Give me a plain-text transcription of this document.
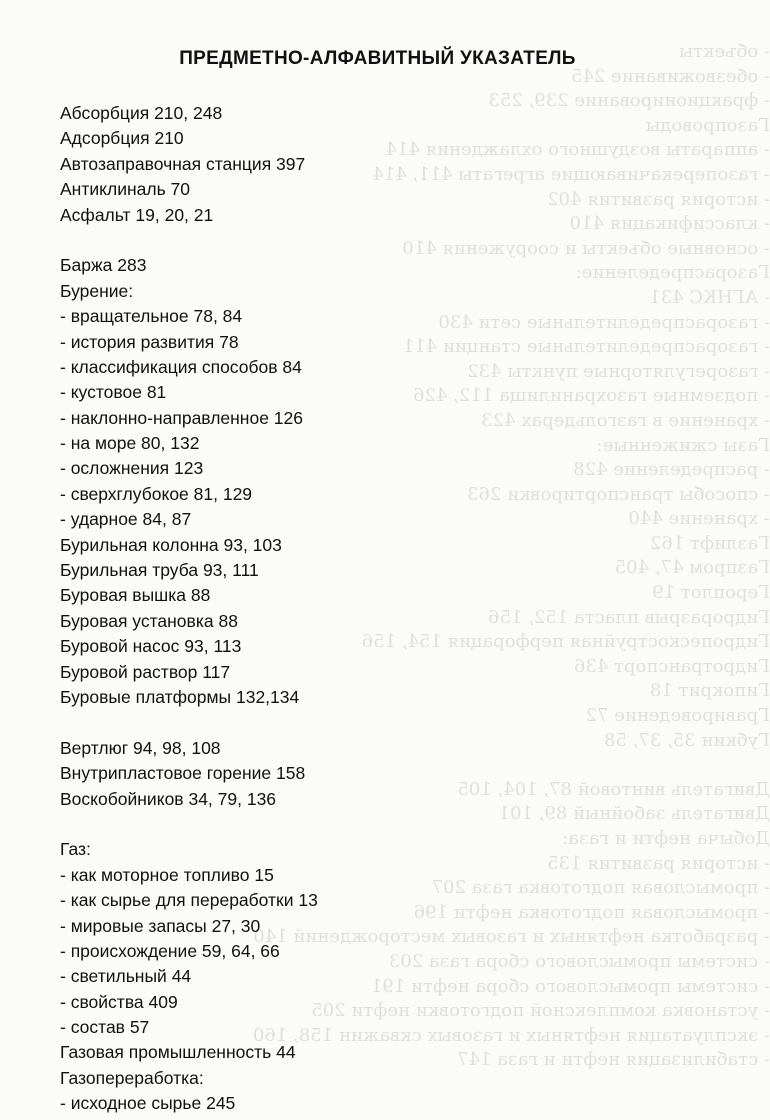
- объекты
- обезвоживание 245
- фракционирование 239, 253
Газопроводы
- аппараты воздушного охлаждения 414
- газоперекачивающие агрегаты 411, 414
- история развития 402
- классификация 410
- основные объекты и сооружения 410
Газораспределение:
- АГНКС 431
- газораспределительные сети 430
- газораспределительные станции 411
- газорегуляторные пункты 432
- подземные газохранилища 112, 426
- хранение в газгольдерах 423
Газы сжиженные:
- распределение 428
- способы транспортировки 263
- хранение 440
Газлифт 162
Газпром 47, 405
Героплот 19
Гидроразрыв пласта 152, 156
Гидропескоструйная перфорация 154, 156
Гидротранспорт 436
Гипокрит 18
Гравироведение 72
Губкин 35, 37, 58

Двигатель винтовой 87, 104, 105
Двигатель забойный 89, 101
Добыча нефти и газа:
- история развития 135
- промысловая подготовка газа 207
- промысловая подготовка нефти 196
- разработка нефтяных и газовых месторождений 140
- системы промыслового сбора газа 203
- системы промыслового сбора нефти 191
- установка комплексной подготовки нефти 205
- эксплуатация нефтяных и газовых скважин 158, 160
- стабилизация нефти и газа 147
ПРЕДМЕТНО-АЛФАВИТНЫЙ УКАЗАТЕЛЬ
Абсорбция 210, 248
Адсорбция 210
Автозаправочная станция 397
Антиклиналь 70
Асфальт 19, 20, 21
Баржа 283
Бурение:
- вращательное 78, 84
- история развития 78
- классификация способов 84
- кустовое 81
- наклонно-направленное 126
- на море 80, 132
- осложнения 123
- сверхглубокое 81, 129
- ударное 84, 87
Бурильная колонна 93, 103
Бурильная труба 93, 111
Буровая вышка 88
Буровая установка 88
Буровой насос 93, 113
Буровой раствор 117
Буровые платформы 132,134
Вертлюг 94, 98, 108
Внутрипластовое горение 158
Воскобойников 34, 79, 136
Газ:
- как моторное топливо 15
- как сырье для переработки 13
- мировые запасы 27, 30
- происхождение 59, 64, 66
- светильный 44
- свойства 409
- состав 57
Газовая промышленность 44
Газопереработка:
- исходное сырье 245
